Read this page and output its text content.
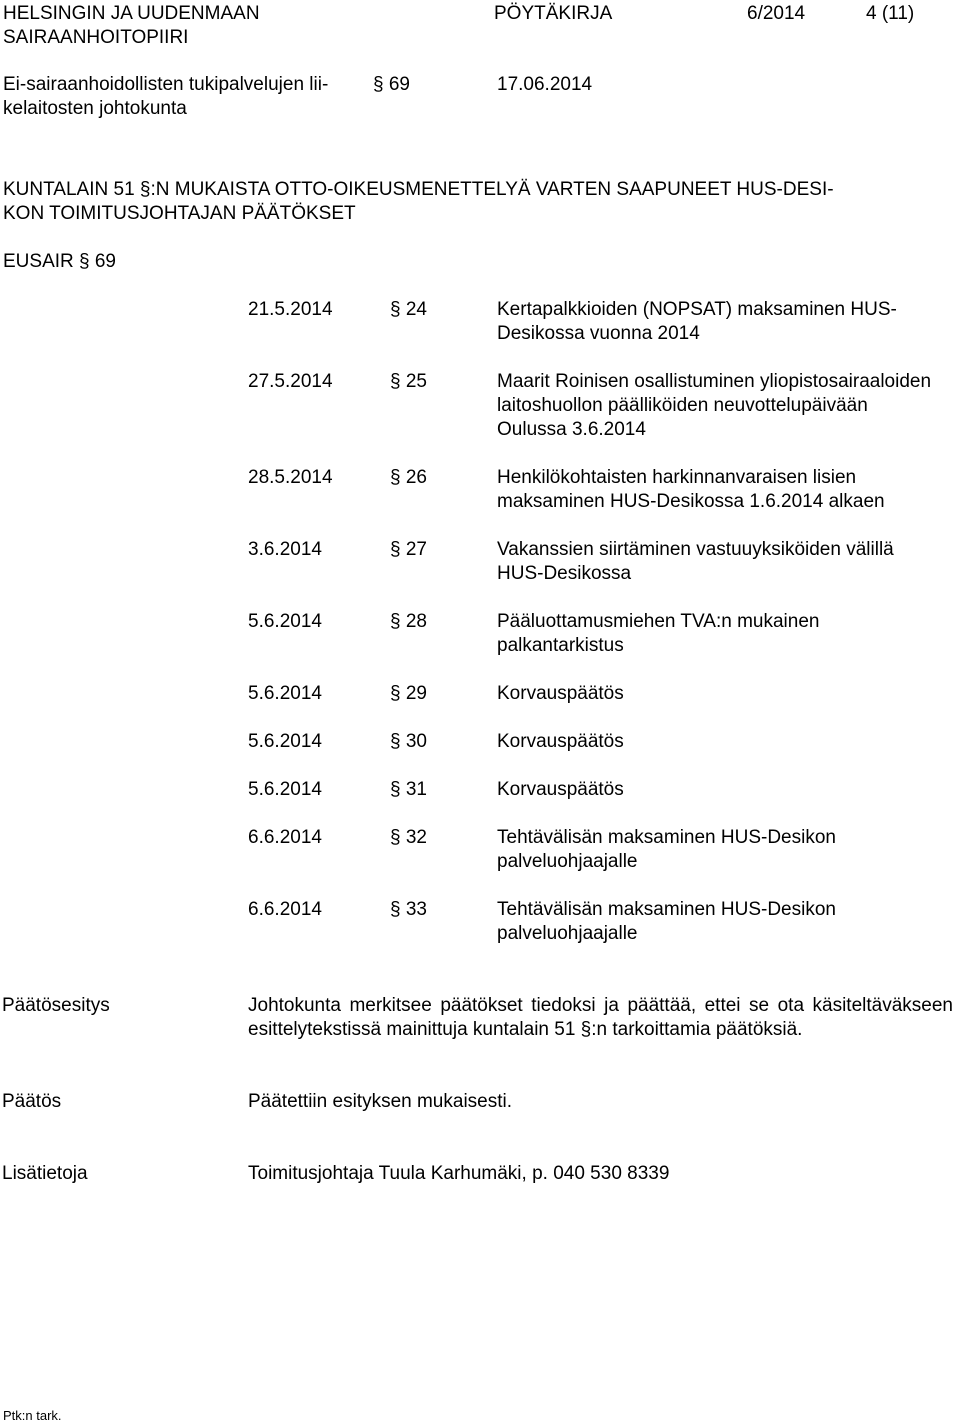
HELSINGIN JA UUDENMAAN
SAIRAANHOITOPIIRI
PÖYTÄKIRJA	6/2014	4 (11)
Ei-sairaanhoidollisten tukipalvelujen lii-
kelaitosten johtokunta
§ 69	17.06.2014
KUNTALAIN 51 §:N MUKAISTA OTTO-OIKEUSMENETTELYÄ VARTEN SAAPUNEET HUS-DESI-
KON TOIMITUSJOHTAJAN PÄÄTÖKSET
EUSAIR § 69
21.5.2014	§ 24	Kertapalkkioiden (NOPSAT) maksaminen HUS-Desikossa vuonna 2014
27.5.2014	§ 25	Maarit Roinisen osallistuminen yliopistosairaaloiden laitoshuollon päälliköiden neuvottelupäivään Oulussa 3.6.2014
28.5.2014	§ 26	Henkilökohtaisten harkinnanvaraisen lisien maksaminen HUS-Desikossa 1.6.2014 alkaen
3.6.2014	§ 27	Vakanssien siirtäminen vastuuyksiköiden välillä HUS-Desikossa
5.6.2014	§ 28	Pääluottamusmiehen TVA:n mukainen palkantarkistus
5.6.2014	§ 29	Korvauspäätös
5.6.2014	§ 30	Korvauspäätös
5.6.2014	§ 31	Korvauspäätös
6.6.2014	§ 32	Tehtävälisän maksaminen HUS-Desikon palveluohjaajalle
6.6.2014	§ 33	Tehtävälisän maksaminen HUS-Desikon palveluohjaajalle
Päätösesitys	Johtokunta merkitsee päätökset tiedoksi ja päättää, ettei se ota käsiteltäväkseen esittelytekstissä mainittuja kuntalain 51 §:n tarkoittamia päätöksiä.
Päätös	Päätettiin esityksen mukaisesti.
Lisätietoja	Toimitusjohtaja Tuula Karhumäki, p. 040 530 8339
Ptk:n tark.
